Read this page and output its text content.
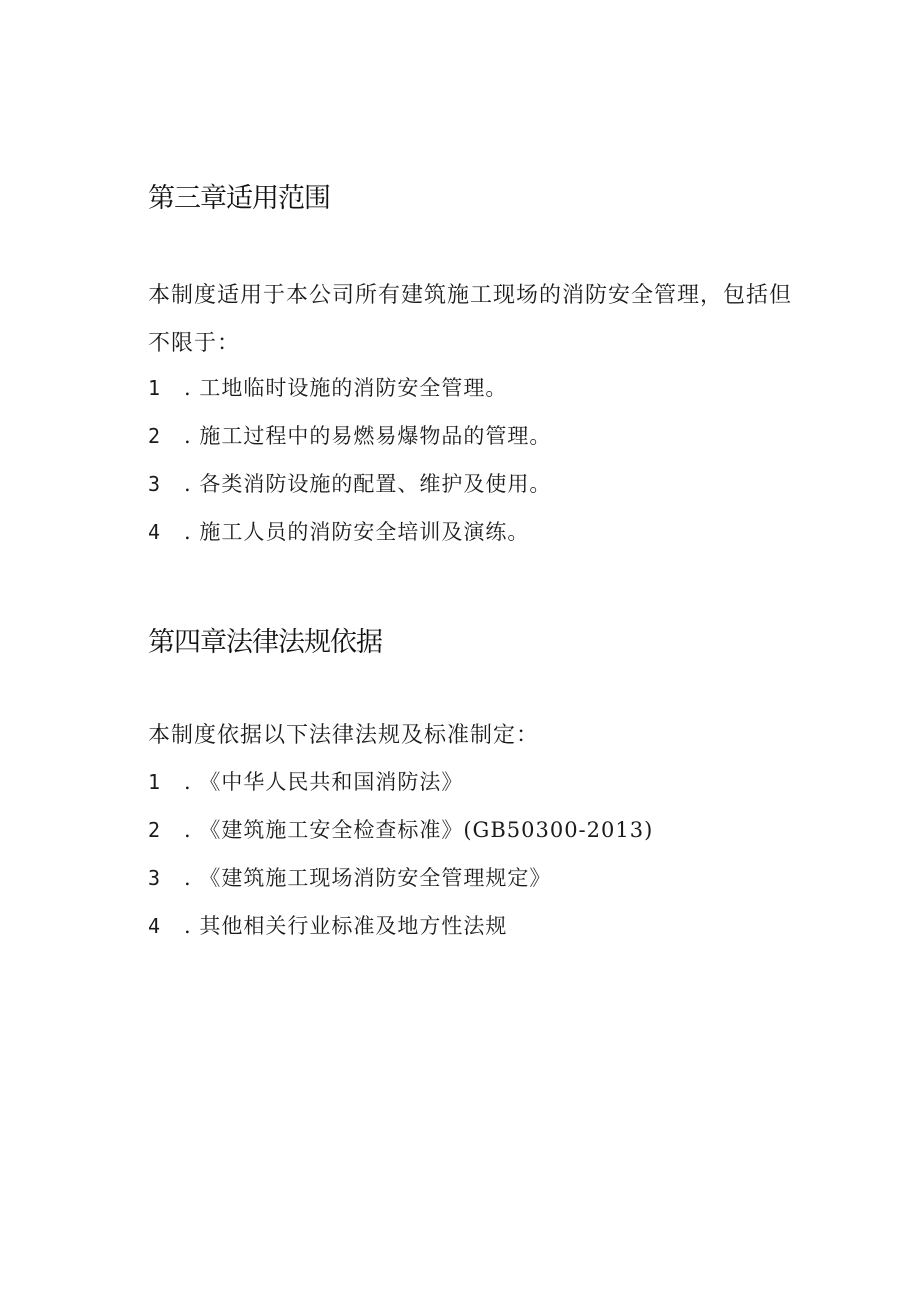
第三章适用范围
本制度适用于本公司所有建筑施工现场的消防安全管理，包括但不限于：
1 . 工地临时设施的消防安全管理。
2 . 施工过程中的易燃易爆物品的管理。
3 . 各类消防设施的配置、维护及使用。
4 . 施工人员的消防安全培训及演练。
第四章法律法规依据
本制度依据以下法律法规及标准制定：
1 . 《中华人民共和国消防法》
2 . 《建筑施工安全检查标准》(GB50300-2013)
3 . 《建筑施工现场消防安全管理规定》
4 . 其他相关行业标准及地方性法规
